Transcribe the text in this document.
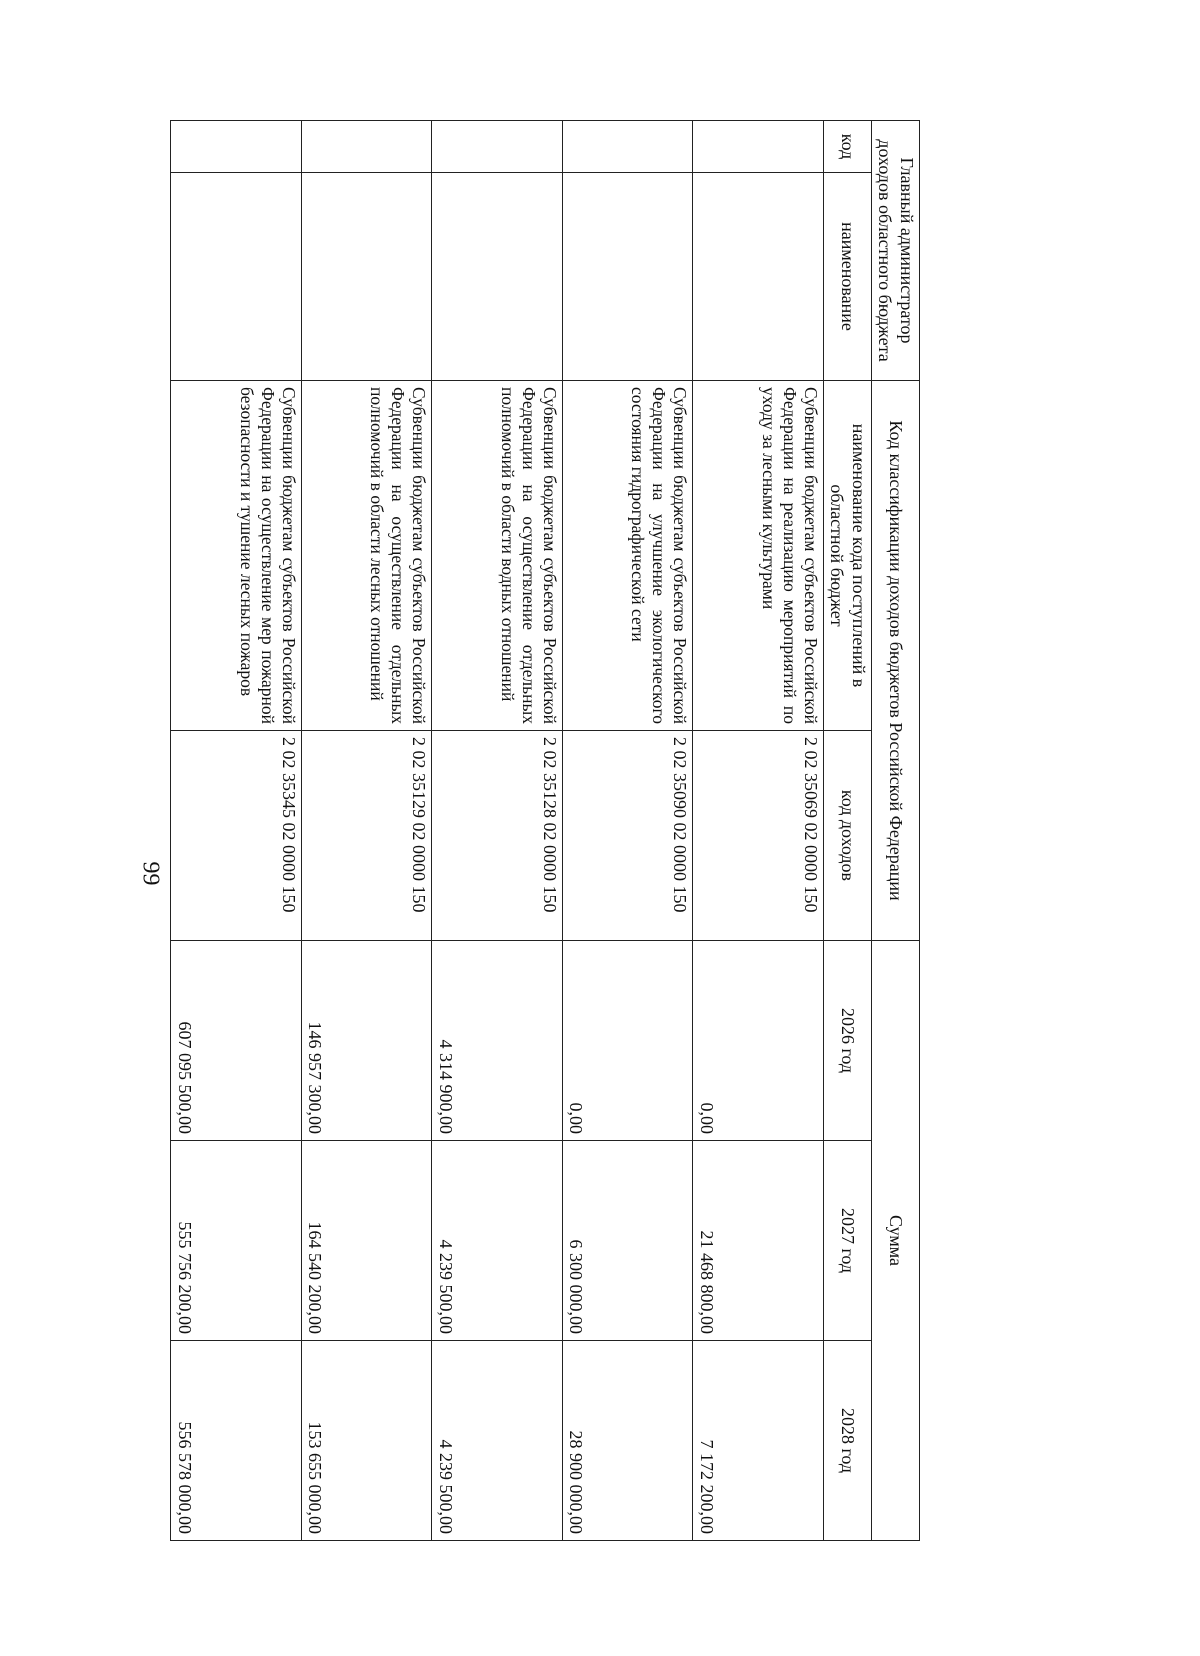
99
Главный администратор доходов областного бюджета		Код классификации доходов бюджетов Российской Федерации		Сумма		
код	наименование	наименование кода поступлений в областной бюджет	код доходов	2026 год	2027 год	2028 год
		Субвенции бюджетам субъектов Российской Федерации на реализацию мероприятий по уходу за лесными культурами	2 02 35069 02 0000 150	0,00	21 468 800,00	7 172 200,00
		Субвенции бюджетам субъектов Российской Федерации на улучшение экологического состояния гидрографической сети	2 02 35090 02 0000 150	0,00	6 300 000,00	28 900 000,00
		Субвенции бюджетам субъектов Российской Федерации на осуществление отдельных полномочий в области водных отношений	2 02 35128 02 0000 150	4 314 900,00	4 239 500,00	4 239 500,00
		Субвенции бюджетам субъектов Российской Федерации на осуществление отдельных полномочий в области лесных отношений	2 02 35129 02 0000 150	146 957 300,00	164 540 200,00	153 655 000,00
		Субвенции бюджетам субъектов Российской Федерации на осуществление мер пожарной безопасности и тушение лесных пожаров	2 02 35345 02 0000 150	607 095 500,00	555 756 200,00	556 578 000,00
